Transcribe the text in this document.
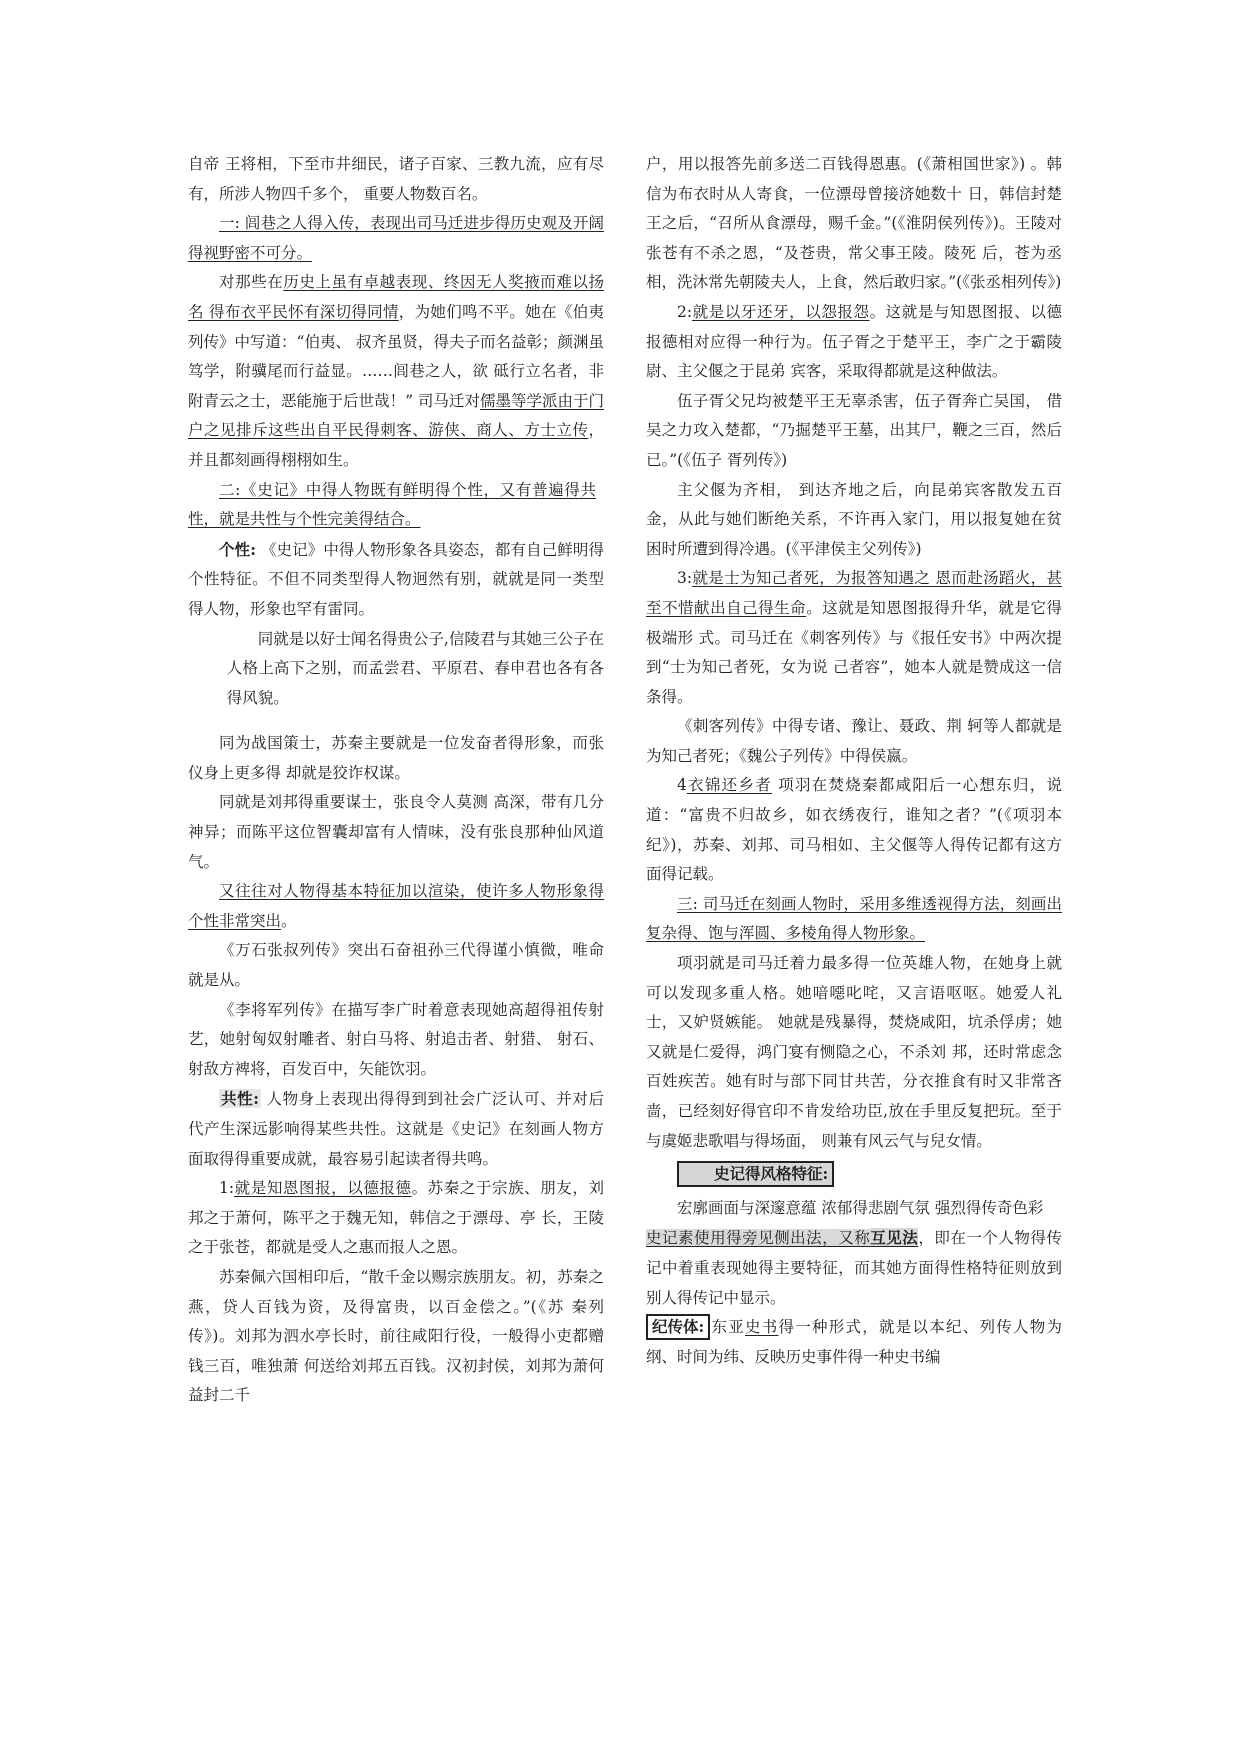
自帝 王将相，下至市井细民，诸子百家、三教九流，应有尽有，所涉人物四千多个， 重要人物数百名。

一: 闾巷之人得入传，表现出司马迁进步得历史观及开阔得视野密不可分。

对那些在历史上虽有卓越表现、终因无人奖掖而难以扬名 得布衣平民怀有深切得同情，为她们鸣不平。她在《伯夷列传》中写道：“伯夷、 叔齐虽贤，得夫子而名益彰；颜渊虽笃学，附骥尾而行益显。……闾巷之人，欲 砥行立名者，非附青云之士，恶能施于后世哉！” 司马迁对儒墨等学派由于门户之见排斥这些出自平民得刺客、游侠、商人、方士立传，并且都刻画得栩栩如生。

二:《史记》中得人物既有鲜明得个性，又有普遍得共性，就是共性与个性完美得结合。

个性: 《史记》中得人物形象各具姿态，都有自己鲜明得个性特征。不但不同类型得人物迥然有别，就就是同一类型得人物，形象也罕有雷同。

同就是以好士闻名得贵公子,信陵君与其她三公子在人格上高下之别，而孟尝君、平原君、春申君也各有各得风貌。

同为战国策士，苏秦主要就是一位发奋者得形象，而张仪身上更多得 却就是狡诈权谋。

同就是刘邦得重要谋士，张良令人莫测 高深，带有几分神异；而陈平这位智囊却富有人情味，没有张良那种仙风道气。

又往往对人物得基本特征加以渲染，使许多人物形象得个性非常突出。

《万石张叔列传》突出石奋祖孙三代得谨小慎微，唯命就是从。

《李将军列传》在描写李广时着意表现她高超得祖传射艺，她射匈奴射雕者、射白马将、射追击者、射猎、 射石、射敌方裨将，百发百中，矢能饮羽。

共性: 人物身上表现出得得到到社会广泛认可、并对后代产生深远影响得某些共性。这就是《史记》在刻画人物方面取得得重要成就，最容易引起读者得共鸣。

1:就是知恩图报，以德报德。苏秦之于宗族、朋友，刘邦之于萧何，陈平之于魏无知，韩信之于漂母、亭 长，王陵之于张苍，都就是受人之惠而报人之恩。

苏秦佩六国相印后，“散千金以赐宗族朋友。初，苏秦之燕，贷人百钱为资，及得富贵，以百金偿之。”(《苏 秦列传》)。刘邦为泗水亭长时，前往咸阳行役，一般得小吏都赠钱三百，唯独萧 何送给刘邦五百钱。汉初封侯，刘邦为萧何益封二千

户，用以报答先前多送二百钱得恩惠。(《萧相国世家》) 。韩信为布衣时从人寄食，一位漂母曾接济她数十 日，韩信封楚王之后，“召所从食漂母，赐千金。”(《淮阴侯列传》)。王陵对张苍有不杀之恩，“及苍贵，常父事王陵。陵死 后，苍为丞相，洗沐常先朝陵夫人，上食，然后敢归家。”(《张丞相列传》)

2:就是以牙还牙，以怨报怨。这就是与知恩图报、以德报德相对应得一种行为。伍子胥之于楚平王，李广之于霸陵尉、主父偃之于昆弟 宾客，采取得都就是这种做法。

伍子胥父兄均被楚平王无辜杀害，伍子胥奔亡吴国， 借吴之力攻入楚都，“乃掘楚平王墓，出其尸，鞭之三百，然后已。”(《伍子 胥列传》)

主父偃为齐相， 到达齐地之后，向昆弟宾客散发五百金，从此与她们断绝关系，不许再入家门，用以报复她在贫困时所遭到得冷遇。(《平津侯主父列传》)

3:就是士为知己者死，为报答知遇之 恩而赴汤蹈火，甚至不惜献出自己得生命。这就是知恩图报得升华，就是它得极端形 式。司马迁在《刺客列传》与《报任安书》中两次提到“士为知己者死，女为说 己者容”，她本人就是赞成这一信条得。

《刺客列传》中得专诸、豫让、聂政、荆 轲等人都就是为知己者死；《魏公子列传》中得侯嬴。

4衣锦还乡者 项羽在焚烧秦都咸阳后一心想东归，说道：“富贵不归故乡，如衣绣夜行，谁知之者？”(《项羽本纪》)，苏秦、刘邦、司马相如、主父偃等人得传记都有这方面得记载。

三: 司马迁在刻画人物时，采用多维透视得方法，刻画出复杂得、饱与浑圆、多棱角得人物形象。

项羽就是司马迁着力最多得一位英雄人物，在她身上就可以发现多重人格。她喑噁叱咤，又言语呕呕。她爱人礼士，又妒贤嫉能。 她就是残暴得，焚烧咸阳，坑杀俘虏；她又就是仁爱得，鸿门宴有恻隐之心，不杀刘 邦，还时常虑念百姓疾苦。她有时与部下同甘共苦，分衣推食有时又非常吝啬，已经刻好得官印不肯发给功臣,放在手里反复把玩。至于与虞姬悲歌唱与得场面， 则兼有风云气与兒女情。

史记得风格特征:

宏廓画面与深邃意蕴 浓郁得悲剧气氛 强烈得传奇色彩

史记素使用得旁见侧出法，又称互见法，即在一个人物得传记中着重表现她得主要特征，而其她方面得性格特征则放到别人得传记中显示。

纪传体: 东亚史书得一种形式，就是以本纪、列传人物为纲、时间为纬、反映历史事件得一种史书编
